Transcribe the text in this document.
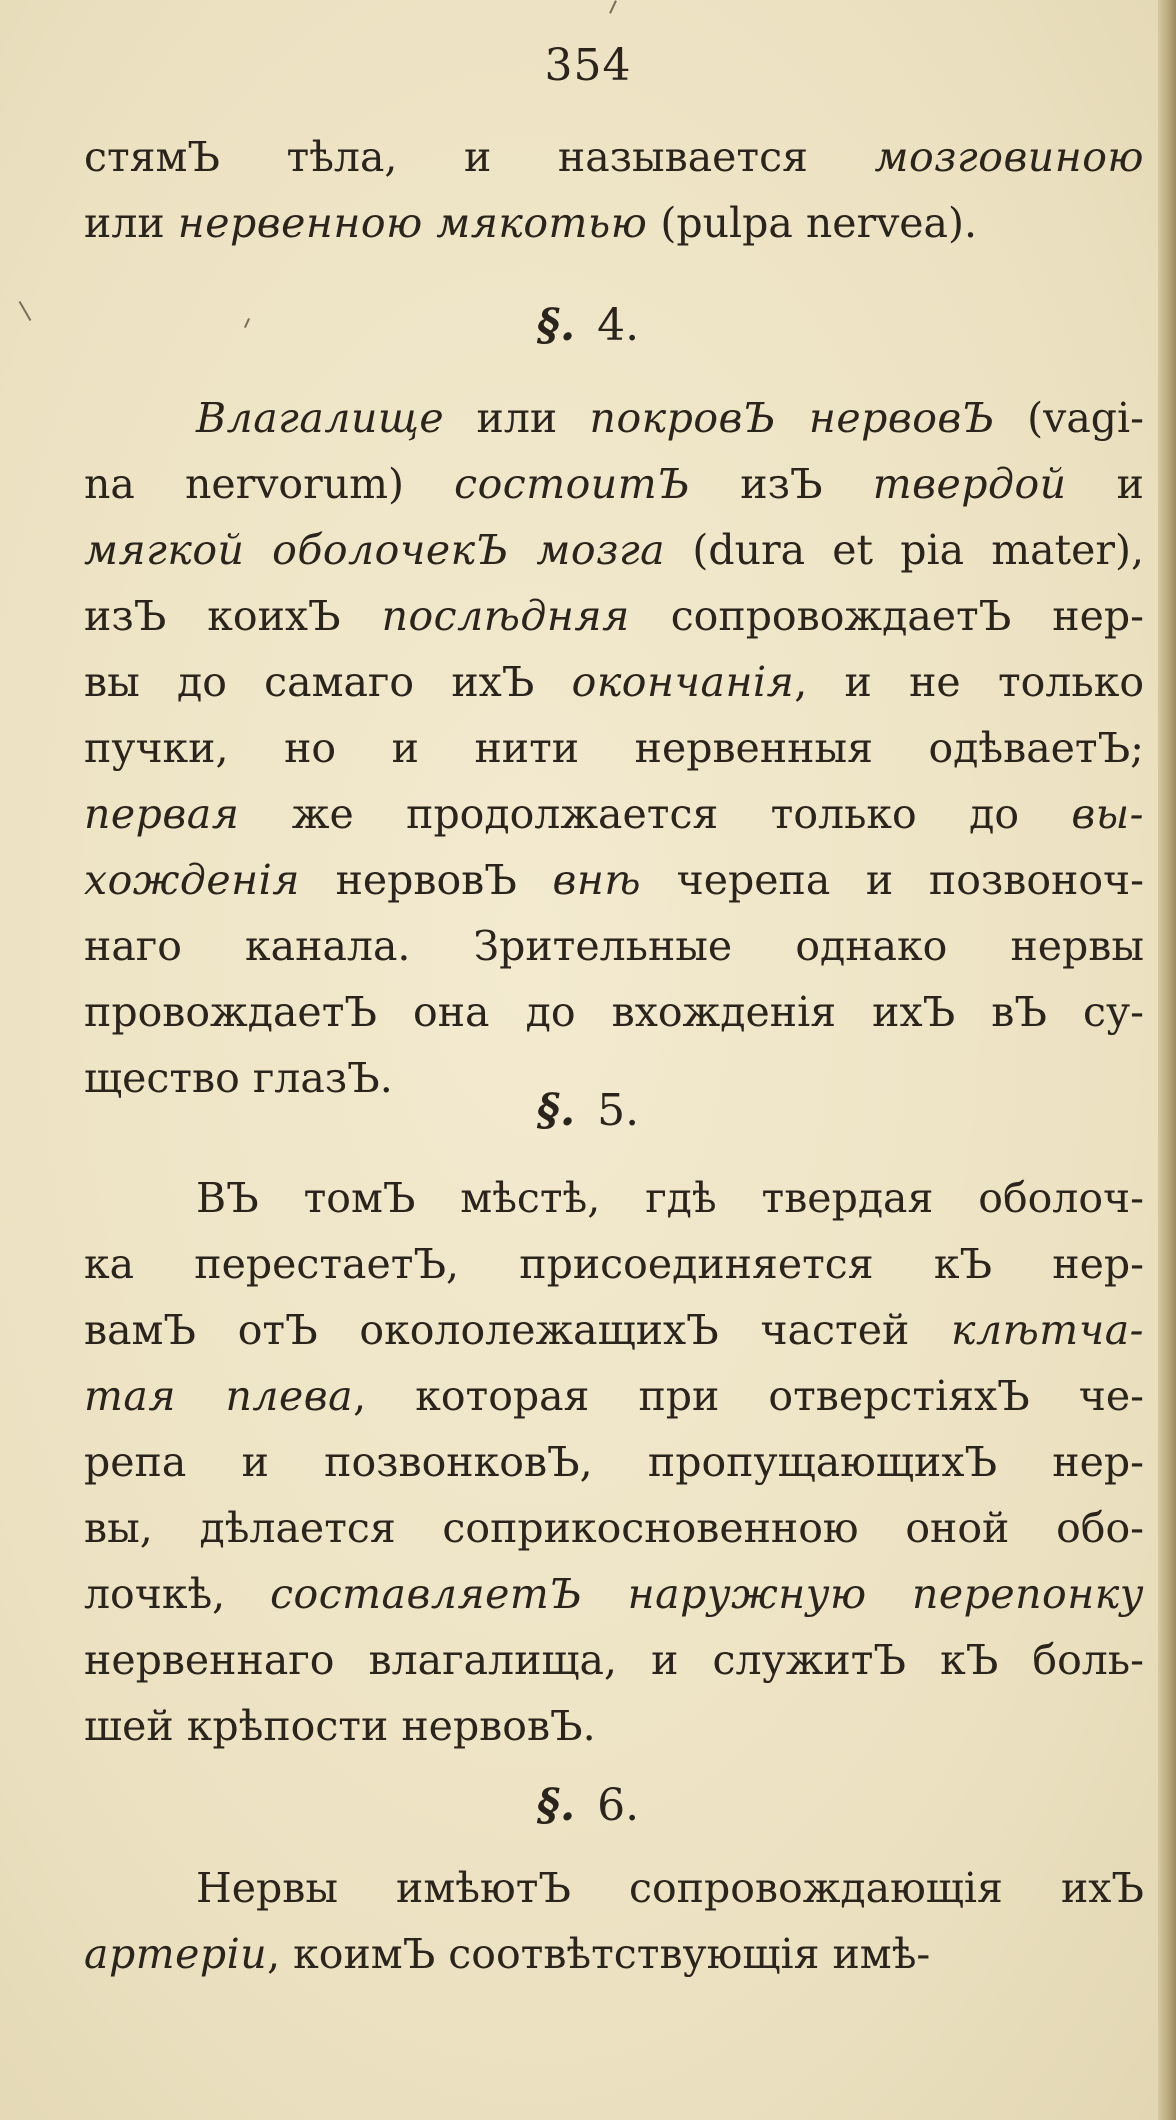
354
стямЪ тѣла, и называется мозговиною
или нервенною мякотью (pulpa nervea).
§. 4.
Влагалище или покровЪ нервовЪ (vagi-
na nervorum) состоитЪ изЪ твердой и
мягкой оболочекЪ мозга (dura et pia mater),
изЪ коихЪ послѣдняя сопровождаетЪ нер-
вы до самаго ихЪ окончанія, и не только
пучки, но и нити нервенныя одѣваетЪ;
первая же продолжается только до вы-
хожденія нервовЪ внѣ черепа и позвоноч-
наго канала. Зрительные однако нервы
провождаетЪ она до вхожденія ихЪ вЪ су-
щество глазЪ.
§. 5.
ВЪ томЪ мѣстѣ, гдѣ твердая оболоч-
ка перестаетЪ, присоединяется кЪ нер-
вамЪ отЪ окололежащихЪ частей клѣтча-
тая плева, которая при отверстіяхЪ че-
репа и позвонковЪ, пропущающихЪ нер-
вы, дѣлается соприкосновенною оной обо-
лочкѣ, составляетЪ наружную перепонку
нервеннаго влагалища, и служитЪ кЪ боль-
шей крѣпости нервовЪ.
§. 6.
Нервы имѣютЪ сопровождающія ихЪ
артеріи, коимЪ соотвѣтствующія имѣ-
